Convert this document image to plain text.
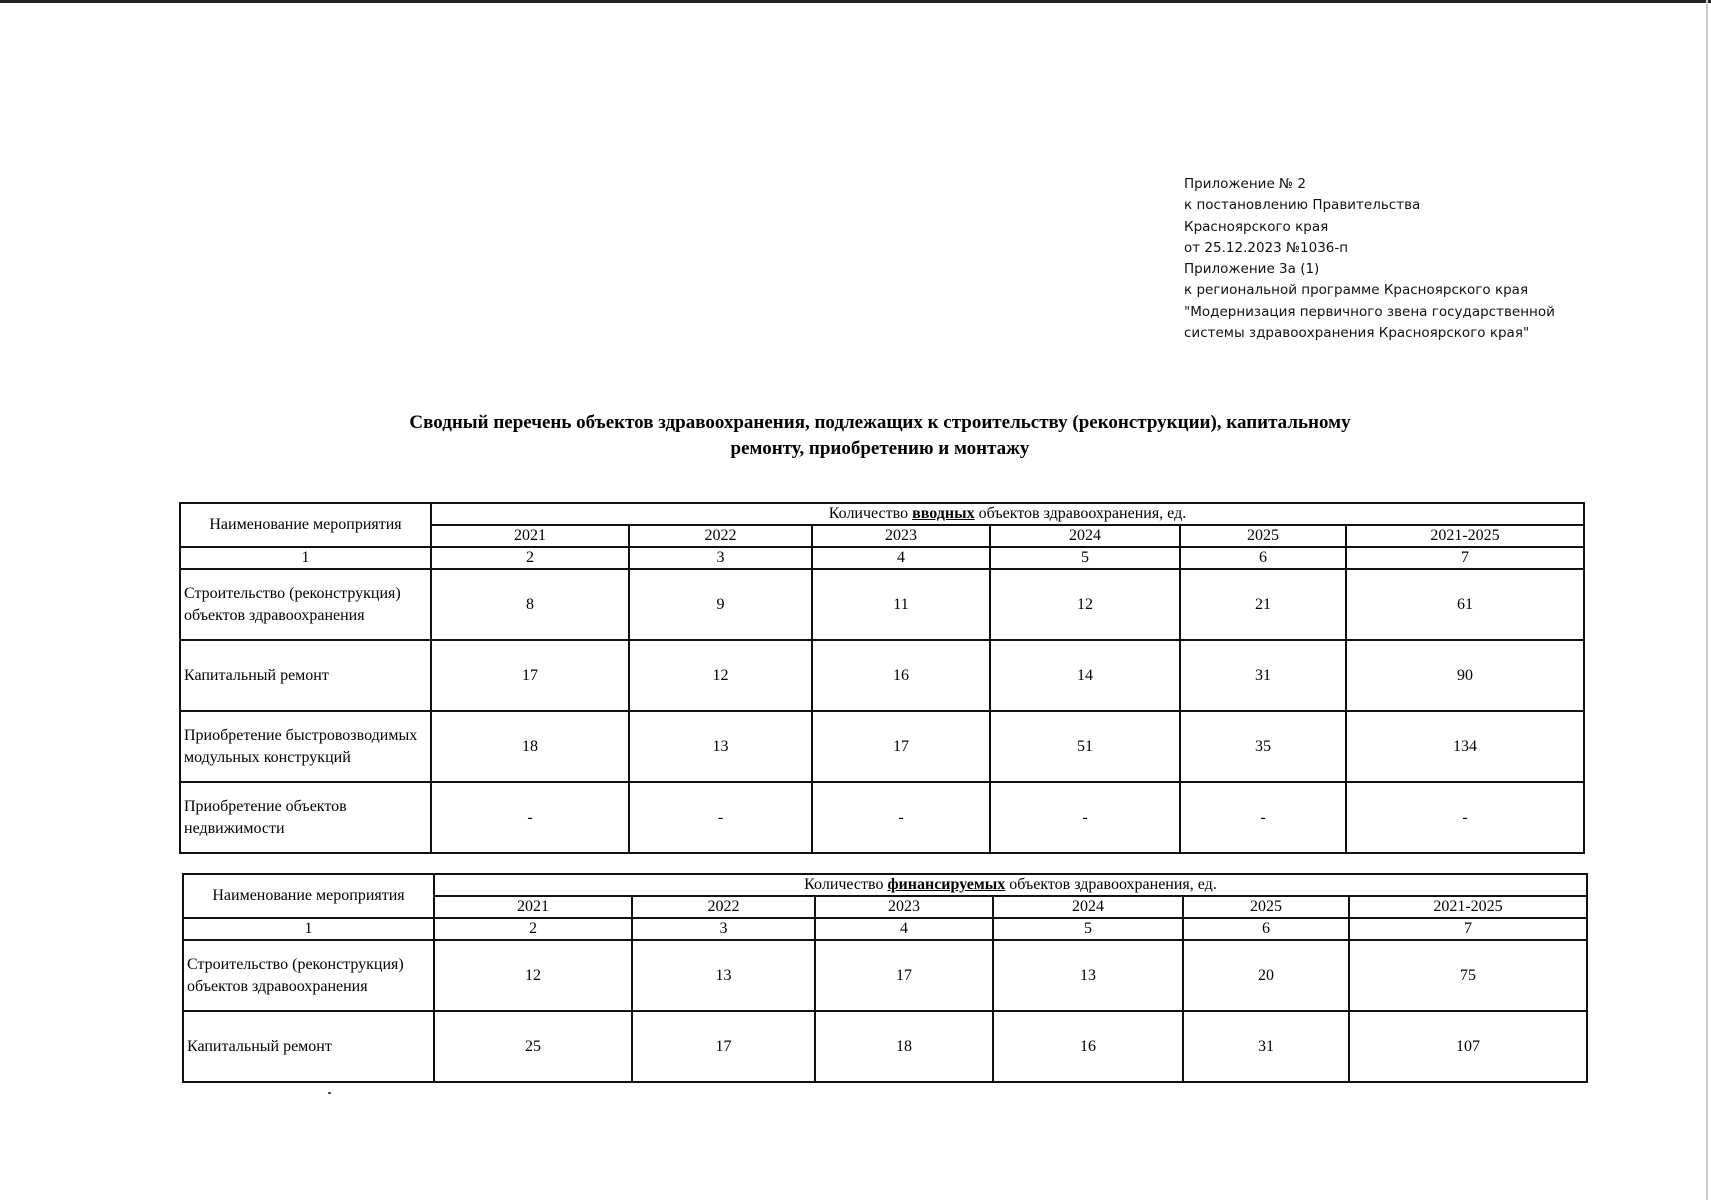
Приложение № 2
к постановлению Правительства
Красноярского края
от 25.12.2023 №1036-п
Приложение 3а (1)
к региональной программе Красноярского края
"Модернизация первичного звена государственной
системы здравоохранения Красноярского края"
Сводный перечень объектов здравоохранения, подлежащих к строительству (реконструкции), капитальному
ремонту, приобретению и монтажу
Наименование мероприятия	Количество вводных объектов здравоохранения, ед.					
	2021	2022	2023	2024	2025	2021-2025
1	2	3	4	5	6	7
Строительство (реконструкция) объектов здравоохранения	8	9	11	12	21	61
Капитальный ремонт	17	12	16	14	31	90
Приобретение быстровозводимых модульных конструкций	18	13	17	51	35	134
Приобретение объектов недвижимости	-	-	-	-	-	-
Наименование мероприятия	Количество финансируемых объектов здравоохранения, ед.					
	2021	2022	2023	2024	2025	2021-2025
1	2	3	4	5	6	7
Строительство (реконструкция) объектов здравоохранения	12	13	17	13	20	75
Капитальный ремонт	25	17	18	16	31	107
